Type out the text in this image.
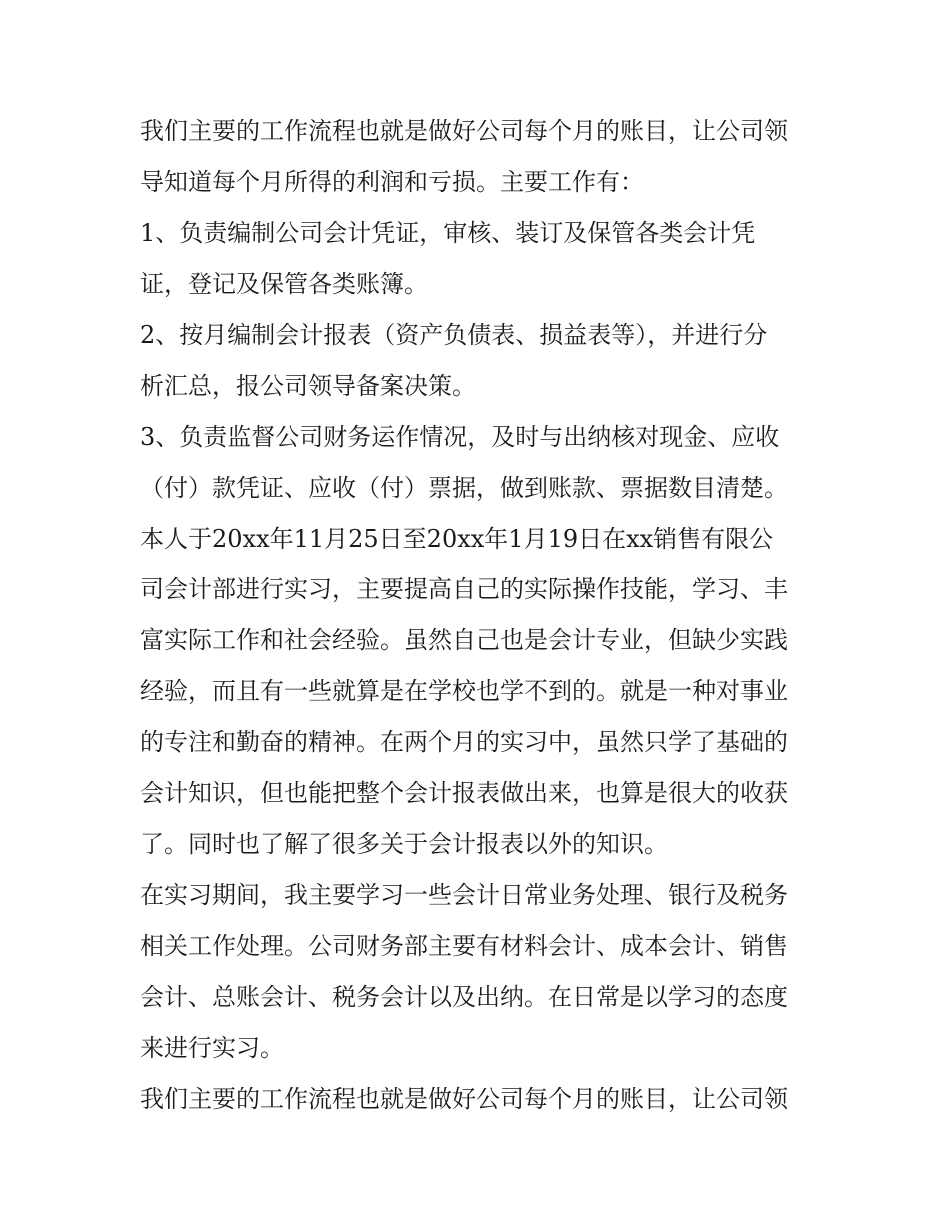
我们主要的工作流程也就是做好公司每个月的账目，让公司领
导知道每个月所得的利润和亏损。主要工作有：
1、负责编制公司会计凭证，审核、装订及保管各类会计凭
证，登记及保管各类账簿。
2、按月编制会计报表（资产负债表、损益表等），并进行分
析汇总，报公司领导备案决策。
3、负责监督公司财务运作情况，及时与出纳核对现金、应收
（付）款凭证、应收（付）票据，做到账款、票据数目清楚。
本人于20xx年11月25日至20xx年1月19日在xx销售有限公
司会计部进行实习，主要提高自己的实际操作技能，学习、丰
富实际工作和社会经验。虽然自己也是会计专业，但缺少实践
经验，而且有一些就算是在学校也学不到的。就是一种对事业
的专注和勤奋的精神。在两个月的实习中，虽然只学了基础的
会计知识，但也能把整个会计报表做出来，也算是很大的收获
了。同时也了解了很多关于会计报表以外的知识。
在实习期间，我主要学习一些会计日常业务处理、银行及税务
相关工作处理。公司财务部主要有材料会计、成本会计、销售
会计、总账会计、税务会计以及出纳。在日常是以学习的态度
来进行实习。
我们主要的工作流程也就是做好公司每个月的账目，让公司领
